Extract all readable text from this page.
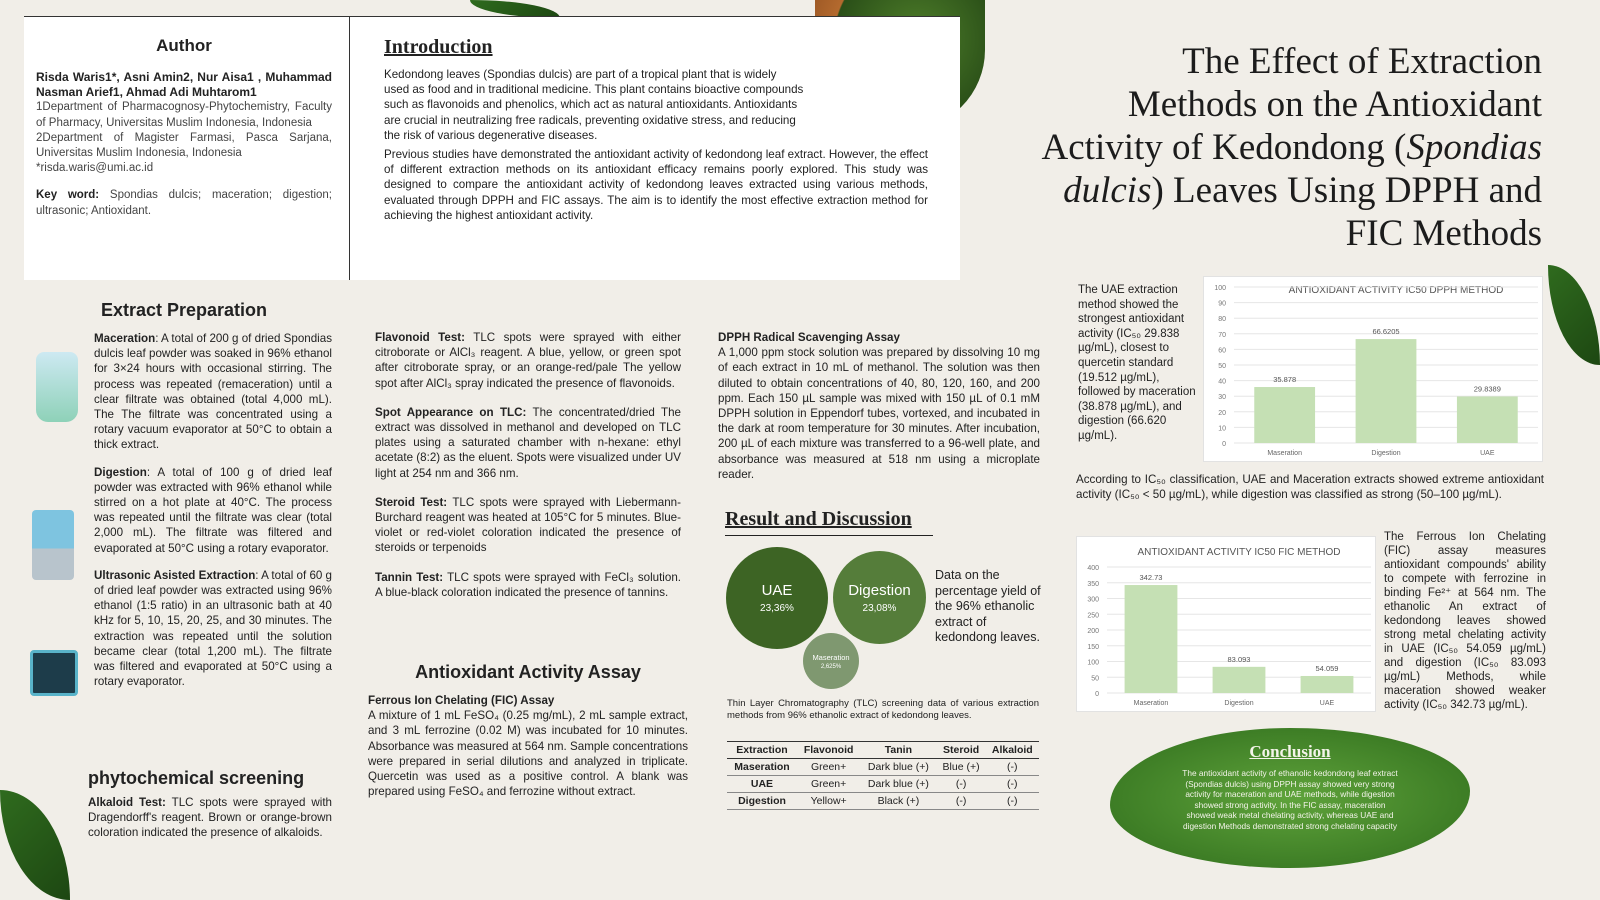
Author
Risda Waris1*, Asni Amin2, Nur Aisa1 , Muhammad Nasman Arief1, Ahmad Adi Muhtarom1
1Department of Pharmacognosy-Phytochemistry, Faculty of Pharmacy, Universitas Muslim Indonesia, Indonesia
2Department of Magister Farmasi, Pasca Sarjana, Universitas Muslim Indonesia, Indonesia
*risda.waris@umi.ac.id
Key word: Spondias dulcis; maceration; digestion; ultrasonic; Antioxidant.
Introduction
Kedondong leaves (Spondias dulcis) are part of a tropical plant that is widely used as food and in traditional medicine. This plant contains bioactive compounds such as flavonoids and phenolics, which act as natural antioxidants. Antioxidants are crucial in neutralizing free radicals, preventing oxidative stress, and reducing the risk of various degenerative diseases.
Previous studies have demonstrated the antioxidant activity of kedondong leaf extract. However, the effect of different extraction methods on its antioxidant efficacy remains poorly explored. This study was designed to compare the antioxidant activity of kedondong leaves extracted using various methods, evaluated through DPPH and FIC assays. The aim is to identify the most effective extraction method for achieving the highest antioxidant activity.
The Effect of Extraction
Methods on the Antioxidant
Activity of Kedondong (Spondias
dulcis) Leaves Using DPPH and
FIC Methods
Extract Preparation
Maceration: A total of 200 g of dried Spondias dulcis leaf powder was soaked in 96% ethanol for 3×24 hours with occasional stirring. The process was repeated (remaceration) until a clear filtrate was obtained (total 4,000 mL). The The filtrate was concentrated using a rotary vacuum evaporator at 50°C to obtain a thick extract.
Digestion: A total of 100 g of dried leaf powder was extracted with 96% ethanol while stirred on a hot plate at 40°C. The process was repeated until the filtrate was clear (total 2,000 mL). The filtrate was filtered and evaporated at 50°C using a rotary evaporator.
Ultrasonic Asisted Extraction: A total of 60 g of dried leaf powder was extracted using 96% ethanol (1:5 ratio) in an ultrasonic bath at 40 kHz for 5, 10, 15, 20, 25, and 30 minutes. The extraction was repeated until the solution became clear (total 1,200 mL). The filtrate was filtered and evaporated at 50°C using a rotary evaporator.
phytochemical screening
Alkaloid Test: TLC spots were sprayed with Dragendorff's reagent. Brown or orange-brown coloration indicated the presence of alkaloids.
Flavonoid Test: TLC spots were sprayed with either citroborate or AlCl₃ reagent. A blue, yellow, or green spot after citroborate spray, or an orange-red/pale The yellow spot after AlCl₃ spray indicated the presence of flavonoids.
Spot Appearance on TLC: The concentrated/dried The extract was dissolved in methanol and developed on TLC plates using a saturated chamber with n-hexane: ethyl acetate (8:2) as the eluent. Spots were visualized under UV light at 254 nm and 366 nm.
Steroid Test: TLC spots were sprayed with Liebermann-Burchard reagent was heated at 105°C for 5 minutes. Blue-violet or red-violet coloration indicated the presence of steroids or terpenoids
Tannin Test: TLC spots were sprayed with FeCl₃ solution. A blue-black coloration indicated the presence of tannins.
Antioxidant Activity Assay
Ferrous Ion Chelating (FIC) Assay
A mixture of 1 mL FeSO₄ (0.25 mg/mL), 2 mL sample extract, and 3 mL ferrozine (0.02 M) was incubated for 10 minutes. Absorbance was measured at 564 nm. Sample concentrations were prepared in serial dilutions and analyzed in triplicate. Quercetin was used as a positive control. A blank was prepared using FeSO₄ and ferrozine without extract.
DPPH Radical Scavenging Assay
A 1,000 ppm stock solution was prepared by dissolving 10 mg of each extract in 10 mL of methanol. The solution was then diluted to obtain concentrations of 40, 80, 120, 160, and 200 ppm. Each 150 µL sample was mixed with 150 µL of 0.1 mM DPPH solution in Eppendorf tubes, vortexed, and incubated in the dark at room temperature for 30 minutes. After incubation, 200 µL of each mixture was transferred to a 96-well plate, and absorbance was measured at 518 nm using a microplate reader.
Result and Discussion
UAE
23,36%
Digestion
23,08%
Maseration
2,625%
Data on the percentage yield of the 96% ethanolic extract of kedondong leaves.
Thin Layer Chromatography (TLC) screening data of various extraction methods from 96% ethanolic extract of kedondong leaves.
Extraction	Flavonoid	Tanin	Steroid	Alkaloid
Maseration	Green+	Dark blue (+)	Blue (+)	(-)
UAE	Green+	Dark blue (+)	(-)	(-)
Digestion	Yellow+	Black (+)	(-)	(-)
The UAE extraction method showed the strongest antioxidant activity (IC₅₀ 29.838 µg/mL), closest to quercetin standard (19.512 µg/mL), followed by maceration (38.878 µg/mL), and digestion (66.620 µg/mL).
ANTIOXIDANT ACTIVITY IC50 DPPH METHOD
0
10
20
30
40
50
60
70
80
90
100
35.878
Maseration
66.6205
Digestion
29.8389
UAE
According to IC₅₀ classification, UAE and Maceration extracts showed extreme antioxidant activity (IC₅₀ < 50 µg/mL), while digestion was classified as strong (50–100 µg/mL).
ANTIOXIDANT ACTIVITY IC50 FIC METHOD
0
50
100
150
200
250
300
350
400
342.73
Maseration
83.093
Digestion
54.059
UAE
The Ferrous Ion Chelating (FIC) assay measures antioxidant compounds' ability to compete with ferrozine in binding Fe²⁺ at 564 nm. The ethanolic An extract of kedondong leaves showed strong metal chelating activity in UAE (IC₅₀ 54.059 µg/mL) and digestion (IC₅₀ 83.093 µg/mL) Methods, while maceration showed weaker activity (IC₅₀ 342.73 µg/mL).
Conclusion
The antioxidant activity of ethanolic kedondong leaf extract (Spondias dulcis) using DPPH assay showed very strong activity for maceration and UAE methods, while digestion showed strong activity. In the FIC assay, maceration showed weak metal chelating activity, whereas UAE and digestion Methods demonstrated strong chelating capacity
